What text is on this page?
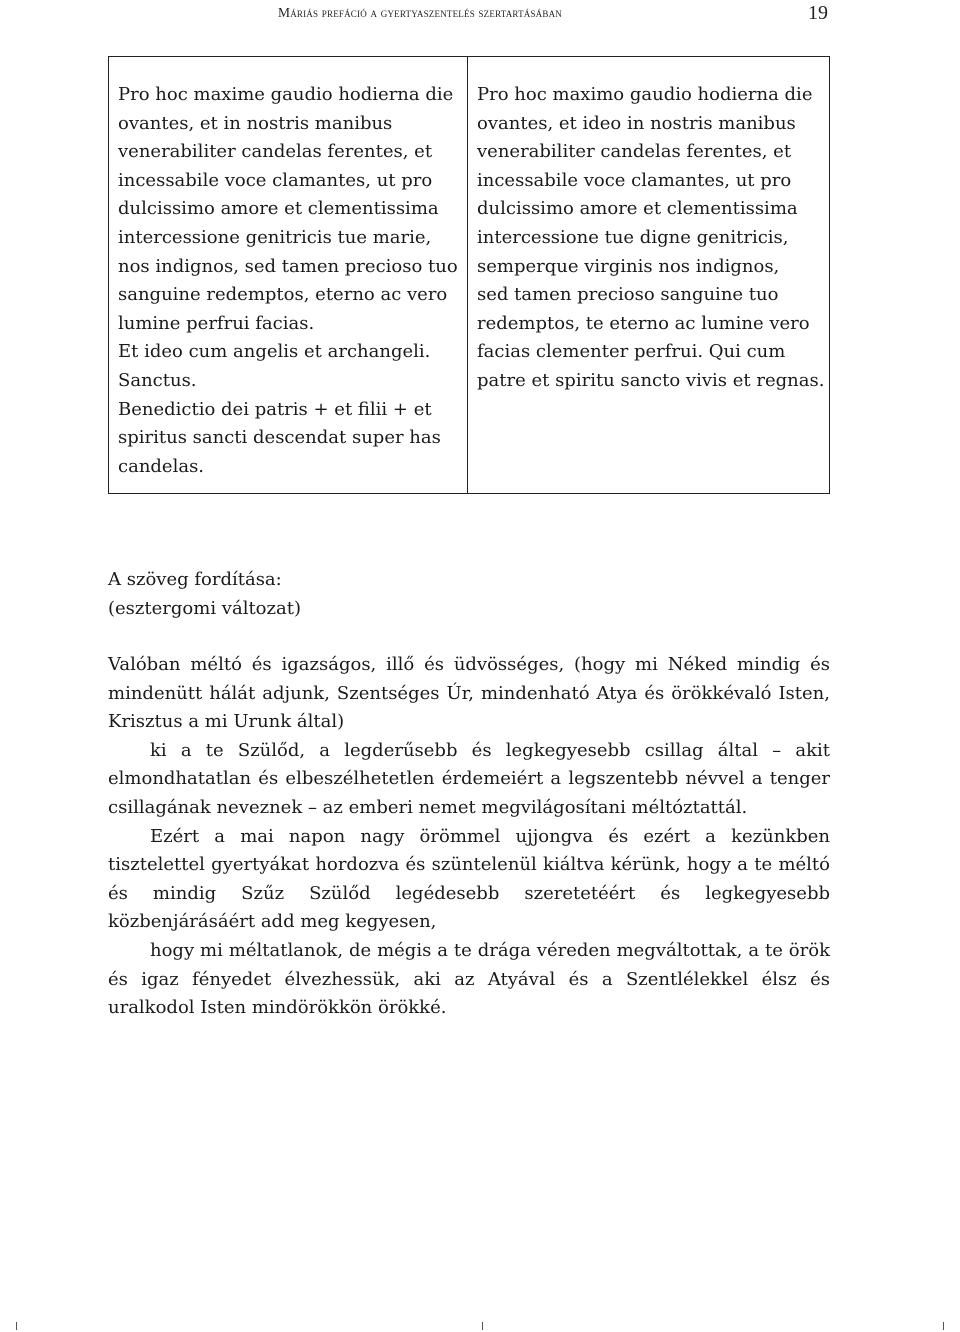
Máriás prefáció a gyertyaszentelés szertartásában	19
Pro hoc maxime gaudio hodierna die
ovantes, et in nostris manibus
venerabiliter candelas ferentes, et
incessabile voce clamantes, ut pro
dulcissimo amore et clementissima
intercessione genitricis tue marie,
nos indignos, sed tamen precioso tuo
sanguine redemptos, eterno ac vero
lumine perfrui facias.
Et ideo cum angelis et archangeli.
Sanctus.
Benedictio dei patris + et filii + et
spiritus sancti descendat super has
candelas.
Pro hoc maximo gaudio hodierna die
ovantes, et ideo in nostris manibus
venerabiliter candelas ferentes, et
incessabile voce clamantes, ut pro
dulcissimo amore et clementissima
intercessione tue digne genitricis,
semperque virginis nos indignos,
sed tamen precioso sanguine tuo
redemptos, te eterno ac lumine vero
facias clementer perfrui. Qui cum
patre et spiritu sancto vivis et regnas.
A szöveg fordítása:
(esztergomi változat)

Valóban méltó és igazságos, illő és üdvösséges, (hogy mi Néked mindig és mindenütt hálát adjunk, Szentséges Úr, mindenható Atya és örökkévaló Isten, Krisztus a mi Urunk által)

ki a te Szülőd, a legderűsebb és legkegyesebb csillag által – akit elmondhatatlan és elbeszélhetetlen érdemeiért a legszentebb névvel a tenger csillagának neveznek – az emberi nemet megvilágosítani méltóztattál.

Ezért a mai napon nagy örömmel ujjongva és ezért a kezünkben tisztelettel gyertyákat hordozva és szüntelenül kiáltva kérünk, hogy a te méltó és mindig Szűz Szülőd legédesebb szeretetéért és legkegyesebb közbenjárásáért add meg kegyesen,

hogy mi méltatlanok, de mégis a te drága véreden megváltottak, a te örök és igaz fényedet élvezhessük, aki az Atyával és a Szentlélekkel élsz és uralkodol Isten mindörökkön örökké.
